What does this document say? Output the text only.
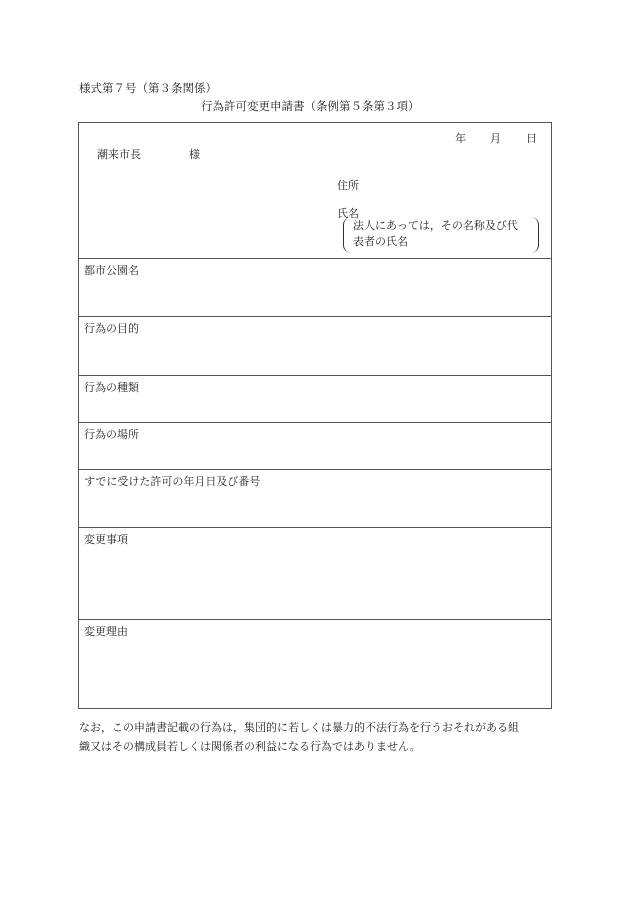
様式第７号（第３条関係）
行為許可変更申請書（条例第５条第３項）
年 月 日
潮来市長	様
住所
氏名
法人にあっては，その名称及び代
表者の氏名
都市公園名
行為の目的
行為の種類
行為の場所
すでに受けた許可の年月日及び番号
変更事項
変更理由
なお，この申請書記載の行為は，集団的に若しくは暴力的不法行為を行うおそれがある組
織又はその構成員若しくは関係者の利益になる行為ではありません。
